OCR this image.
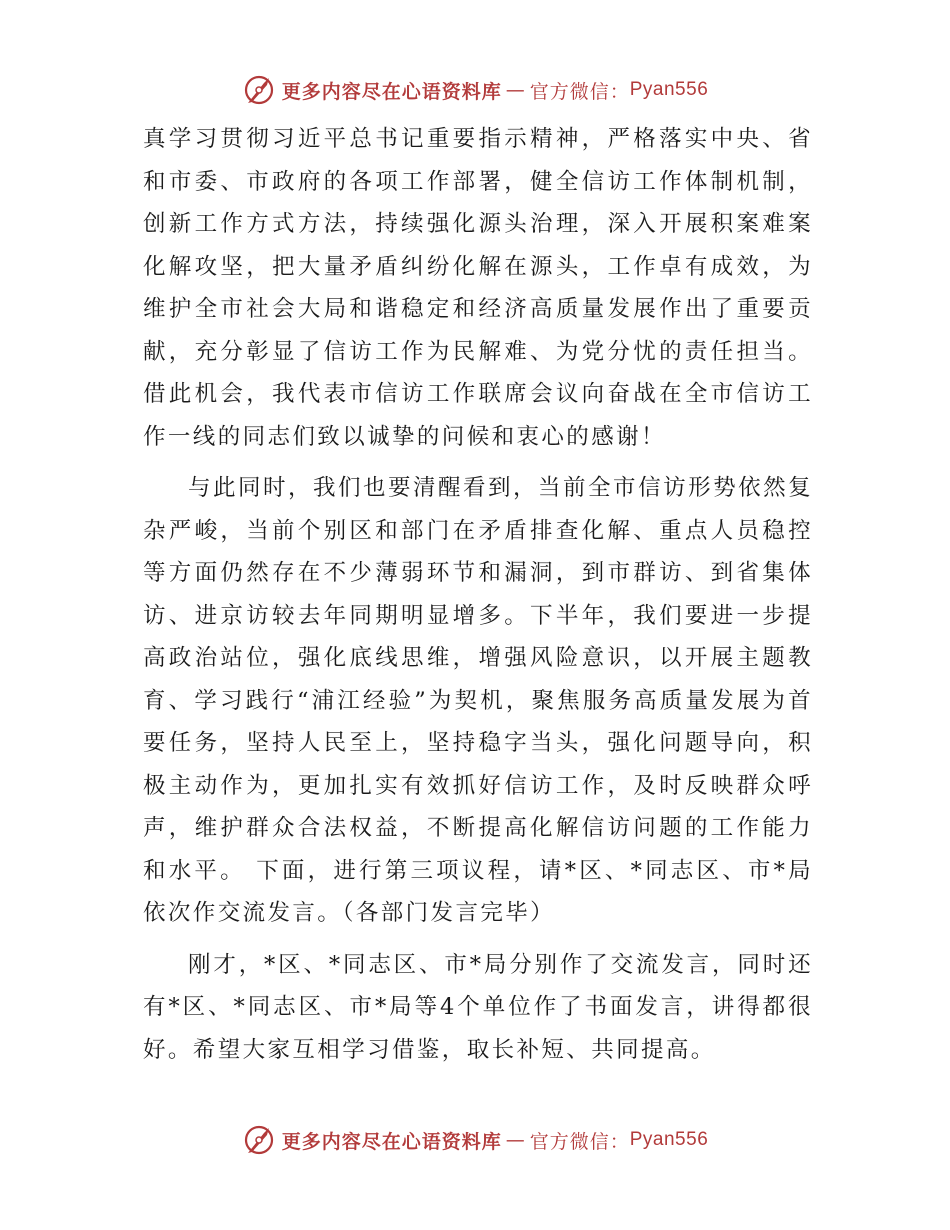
更多内容尽在心语资料库 — 官方微信： Pyan556

真学习贯彻习近平总书记重要指示精神，严格落实中央、省和市委、市政府的各项工作部署，健全信访工作体制机制，创新工作方式方法，持续强化源头治理，深入开展积案难案化解攻坚，把大量矛盾纠纷化解在源头，工作卓有成效，为维护全市社会大局和谐稳定和经济高质量发展作出了重要贡献，充分彰显了信访工作为民解难、为党分忧的责任担当。借此机会，我代表市信访工作联席会议向奋战在全市信访工作一线的同志们致以诚挚的问候和衷心的感谢！

与此同时，我们也要清醒看到，当前全市信访形势依然复杂严峻，当前个别区和部门在矛盾排查化解、重点人员稳控等方面仍然存在不少薄弱环节和漏洞，到市群访、到省集体访、进京访较去年同期明显增多。下半年，我们要进一步提高政治站位，强化底线思维，增强风险意识，以开展主题教育、学习践行“浦江经验”为契机，聚焦服务高质量发展为首要任务，坚持人民至上，坚持稳字当头，强化问题导向，积极主动作为，更加扎实有效抓好信访工作，及时反映群众呼声，维护群众合法权益，不断提高化解信访问题的工作能力和水平。 下面，进行第三项议程，请*区、*同志区、市*局依次作交流发言。（各部门发言完毕）

刚才，*区、*同志区、市*局分别作了交流发言，同时还有*区、*同志区、市*局等4个单位作了书面发言，讲得都很好。希望大家互相学习借鉴，取长补短、共同提高。

更多内容尽在心语资料库 — 官方微信： Pyan556
